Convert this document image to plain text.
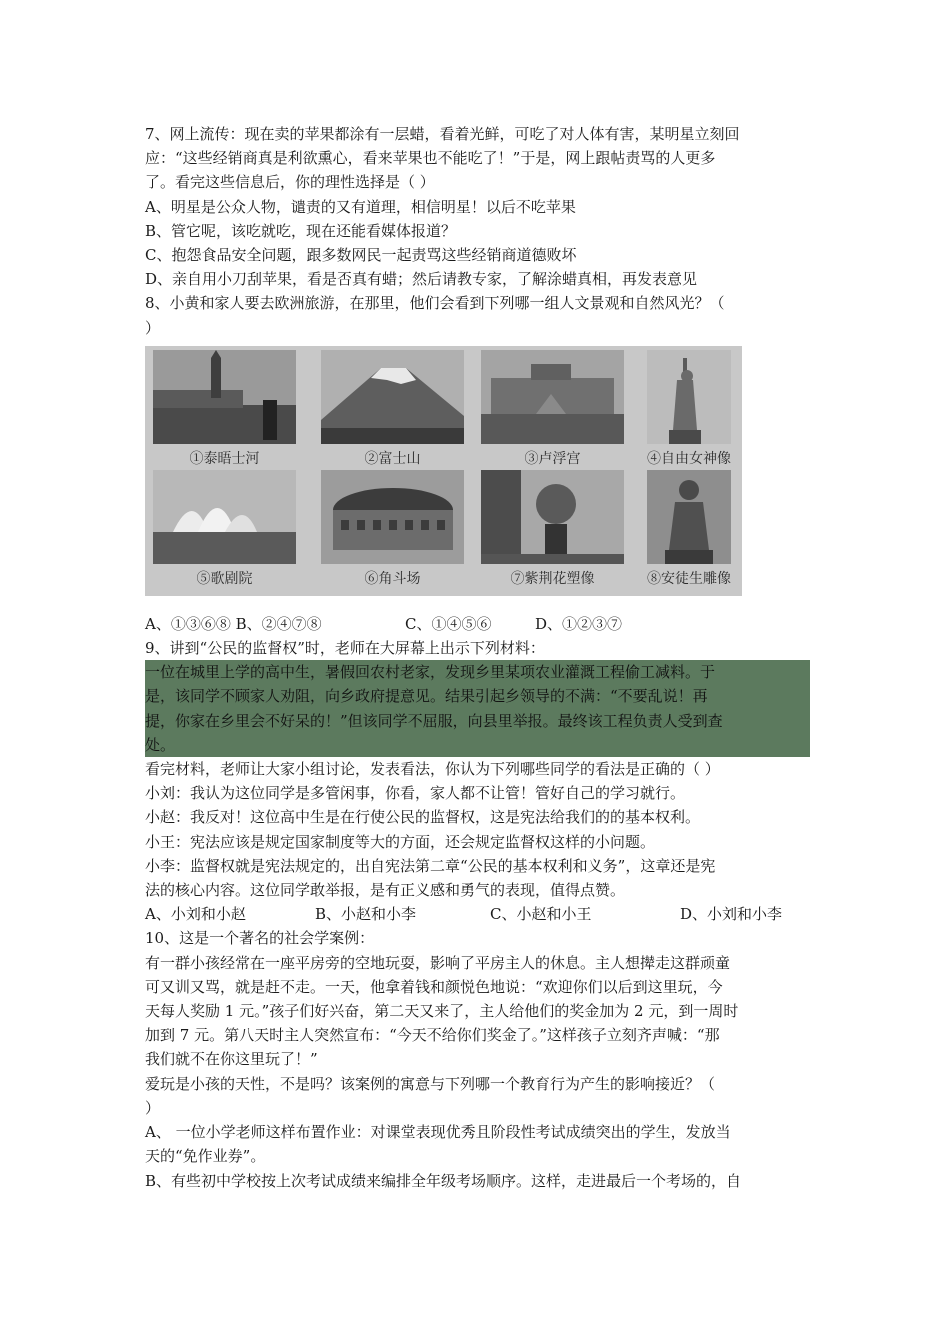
7、网上流传：现在卖的苹果都涂有一层蜡，看着光鲜，可吃了对人体有害，某明星立刻回

应：“这些经销商真是利欲熏心，看来苹果也不能吃了！”于是，网上跟帖责骂的人更多

了。看完这些信息后，你的理性选择是（ ）

A、明星是公众人物，谴责的又有道理，相信明星！以后不吃苹果

B、管它呢，该吃就吃，现在还能看媒体报道？

C、抱怨食品安全问题，跟多数网民一起责骂这些经销商道德败坏

D、亲自用小刀刮苹果，看是否真有蜡；然后请教专家，了解涂蜡真相，再发表意见

8、小黄和家人要去欧洲旅游，在那里，他们会看到下列哪一组人文景观和自然风光？（

）

①泰晤士河	②富士山	③卢浮宫	④自由女神像
⑤歌剧院	⑥角斗场	⑦紫荆花塑像	⑧安徒生雕像
A、①③⑥⑧ B、②④⑦⑧	C、①④⑤⑥	D、①②③⑦

9、讲到“公民的监督权”时，老师在大屏幕上出示下列材料：

一位在城里上学的高中生，暑假回农村老家，发现乡里某项农业灌溉工程偷工减料。于

是，该同学不顾家人劝阻，向乡政府提意见。结果引起乡领导的不满：“不要乱说！再

提，你家在乡里会不好呆的！”但该同学不屈服，向县里举报。最终该工程负责人受到查

处。

看完材料，老师让大家小组讨论，发表看法，你认为下列哪些同学的看法是正确的（ ）

小刘：我认为这位同学是多管闲事，你看，家人都不让管！管好自己的学习就行。

小赵：我反对！这位高中生是在行使公民的监督权，这是宪法给我们的的基本权利。

小王：宪法应该是规定国家制度等大的方面，还会规定监督权这样的小问题。

小李：监督权就是宪法规定的，出自宪法第二章“公民的基本权利和义务”，这章还是宪

法的核心内容。这位同学敢举报，是有正义感和勇气的表现，值得点赞。

A、小刘和小赵	B、小赵和小李	C、小赵和小王	D、小刘和小李

10、这是一个著名的社会学案例：

有一群小孩经常在一座平房旁的空地玩耍，影响了平房主人的休息。主人想撵走这群顽童

可又训又骂，就是赶不走。一天，他拿着钱和颜悦色地说：“欢迎你们以后到这里玩，今

天每人奖励 1 元。”孩子们好兴奋，第二天又来了，主人给他们的奖金加为 2 元，到一周时

加到 7 元。第八天时主人突然宣布：“今天不给你们奖金了。”这样孩子立刻齐声喊：“那

我们就不在你这里玩了！”

爱玩是小孩的天性，不是吗？该案例的寓意与下列哪一个教育行为产生的影响接近？（

）

A、 一位小学老师这样布置作业：对课堂表现优秀且阶段性考试成绩突出的学生，发放当

天的“免作业券”。

B、有些初中学校按上次考试成绩来编排全年级考场顺序。这样，走进最后一个考场的，自
